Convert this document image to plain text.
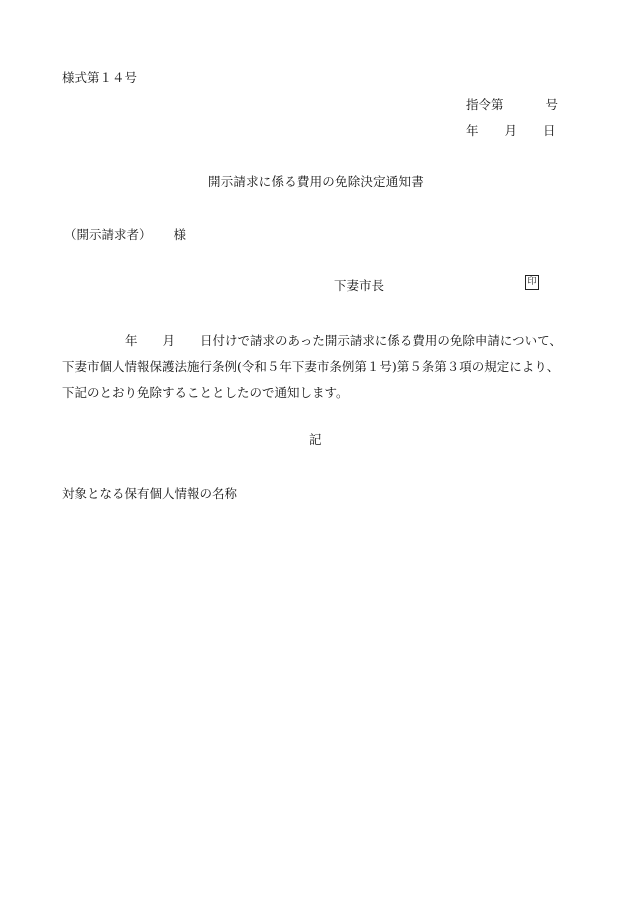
様式第１４号
指令第	号
年 月 日
開示請求に係る費用の免除決定通知書
（開示請求者） 様
下妻市長	印
年 月 日付けで請求のあった開示請求に係る費用の免除申請について、
下妻市個人情報保護法施行条例(令和５年下妻市条例第１号)第５条第３項の規定により、
下記のとおり免除することとしたので通知します。
記
対象となる保有個人情報の名称
